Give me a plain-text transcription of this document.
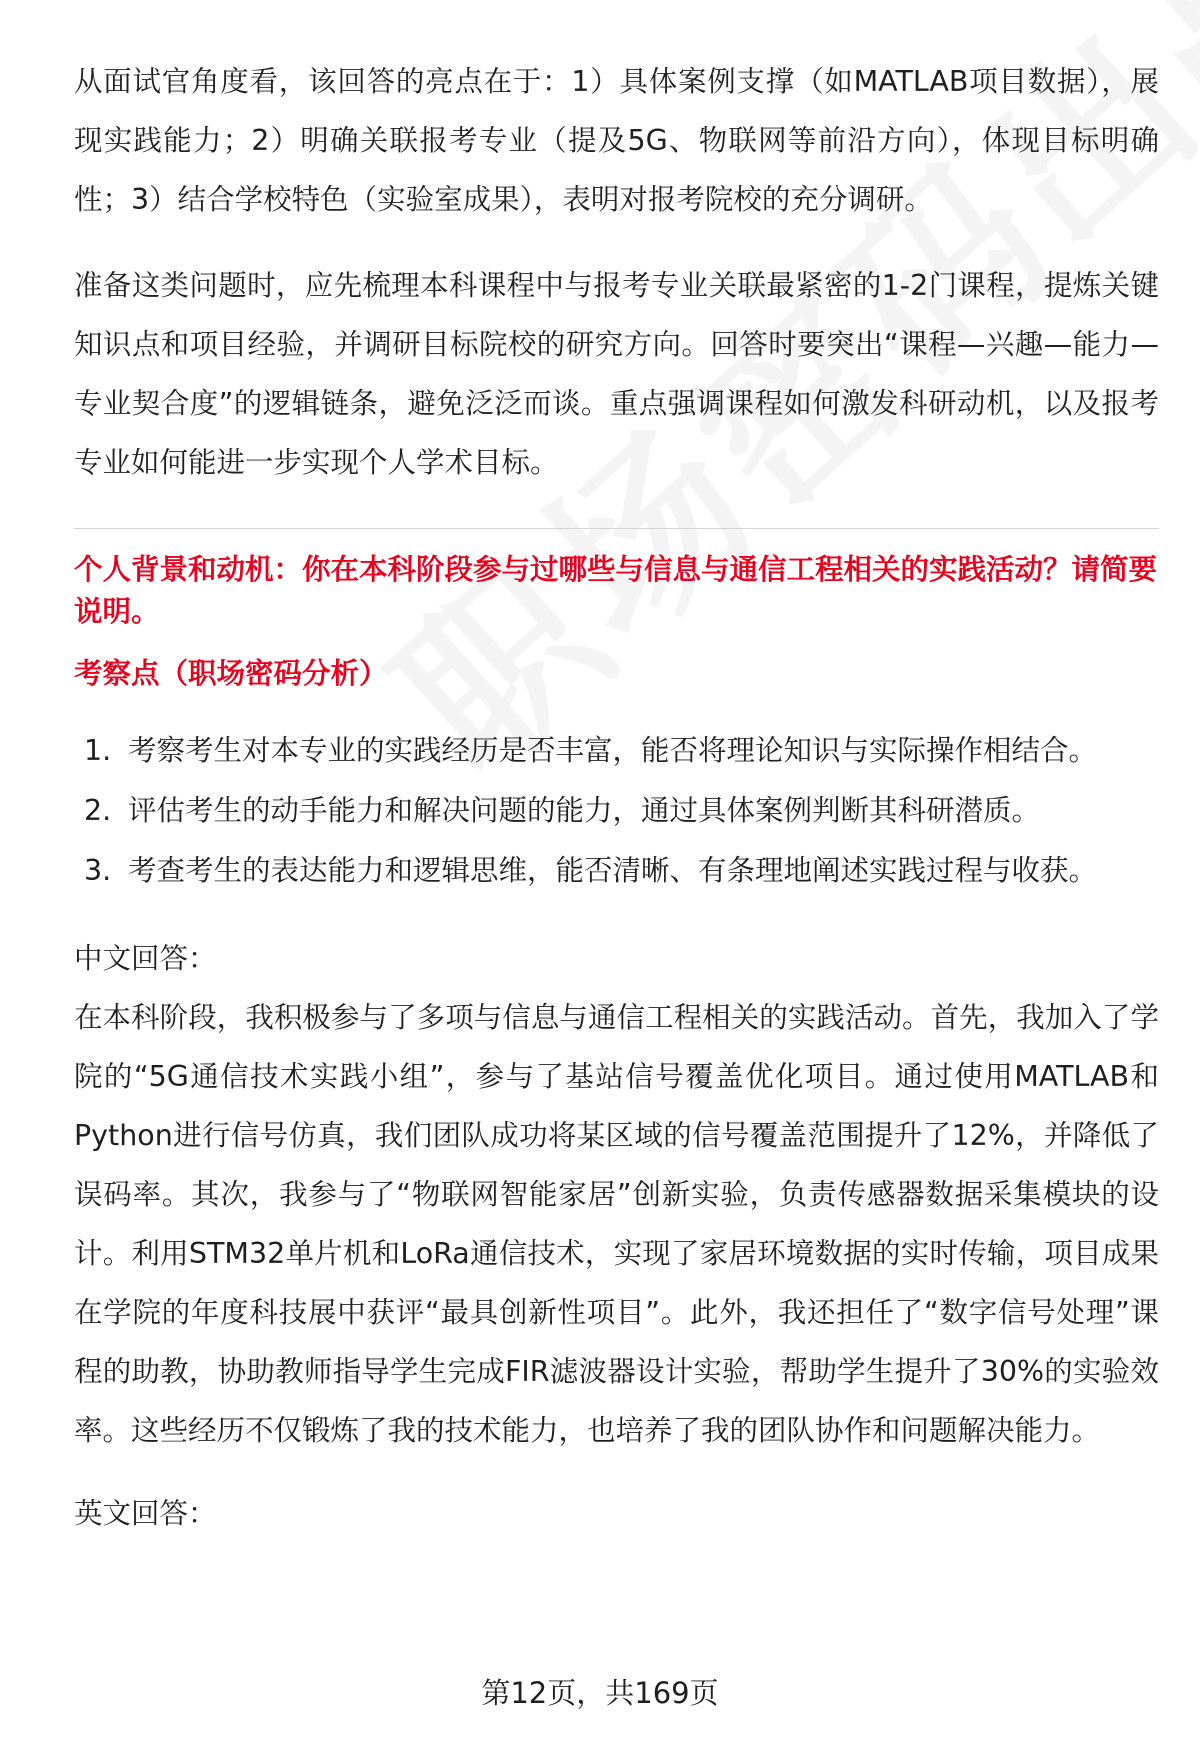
从面试官角度看，该回答的亮点在于：1）具体案例支撑（如MATLAB项目数据），展现实践能力；2）明确关联报考专业（提及5G、物联网等前沿方向），体现目标明确性；3）结合学校特色（实验室成果），表明对报考院校的充分调研。

准备这类问题时，应先梳理本科课程中与报考专业关联最紧密的1-2门课程，提炼关键知识点和项目经验，并调研目标院校的研究方向。回答时要突出“课程—兴趣—能力—专业契合度”的逻辑链条，避免泛泛而谈。重点强调课程如何激发科研动机，以及报考专业如何能进一步实现个人学术目标。

个人背景和动机：你在本科阶段参与过哪些与信息与通信工程相关的实践活动？请简要说明。

考察点（职场密码分析）

1. 考察考生对本专业的实践经历是否丰富，能否将理论知识与实际操作相结合。
2. 评估考生的动手能力和解决问题的能力，通过具体案例判断其科研潜质。
3. 考查考生的表达能力和逻辑思维，能否清晰、有条理地阐述实践过程与收获。

中文回答：

在本科阶段，我积极参与了多项与信息与通信工程相关的实践活动。首先，我加入了学院的“5G通信技术实践小组”，参与了基站信号覆盖优化项目。通过使用MATLAB和Python进行信号仿真，我们团队成功将某区域的信号覆盖范围提升了12%，并降低了误码率。其次，我参与了“物联网智能家居”创新实验，负责传感器数据采集模块的设计。利用STM32单片机和LoRa通信技术，实现了家居环境数据的实时传输，项目成果在学院的年度科技展中获评“最具创新性项目”。此外，我还担任了“数字信号处理”课程的助教，协助教师指导学生完成FIR滤波器设计实验，帮助学生提升了30%的实验效率。这些经历不仅锻炼了我的技术能力，也培养了我的团队协作和问题解决能力。

英文回答：

第12页，共169页
